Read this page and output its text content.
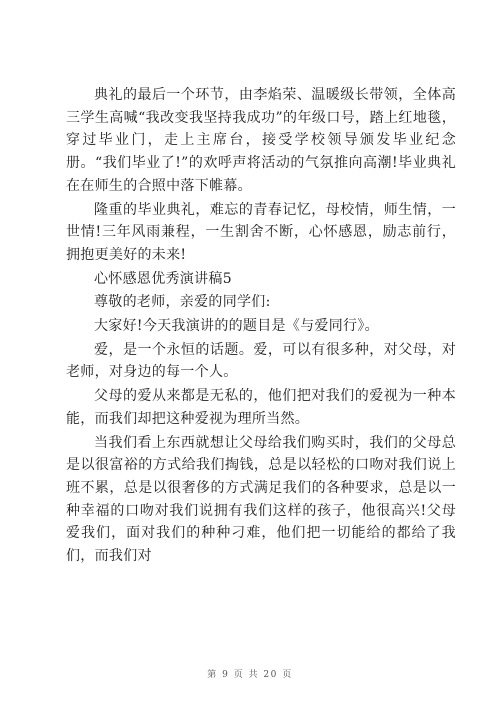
典礼的最后一个环节，由李焰荣、温暖级长带领，全体高三学生高喊“我改变我坚持我成功”的年级口号，踏上红地毯，穿过毕业门，走上主席台，接受学校领导颁发毕业纪念册。“我们毕业了!”的欢呼声将活动的气氛推向高潮!毕业典礼在在师生的合照中落下帷幕。

隆重的毕业典礼，难忘的青春记忆，母校情，师生情，一世情!三年风雨兼程，一生割舍不断，心怀感恩，励志前行，拥抱更美好的未来!

心怀感恩优秀演讲稿5

尊敬的老师，亲爱的同学们:

大家好!今天我演讲的的题目是《与爱同行》。

爱，是一个永恒的话题。爱，可以有很多种，对父母，对老师，对身边的每一个人。

父母的爱从来都是无私的，他们把对我们的爱视为一种本能，而我们却把这种爱视为理所当然。

当我们看上东西就想让父母给我们购买时，我们的父母总是以很富裕的方式给我们掏钱，总是以轻松的口吻对我们说上班不累，总是以很奢侈的方式满足我们的各种要求，总是以一种幸福的口吻对我们说拥有我们这样的孩子，他很高兴!父母爱我们，面对我们的种种刁难，他们把一切能给的都给了我们，而我们对

第 9 页 共 20 页
